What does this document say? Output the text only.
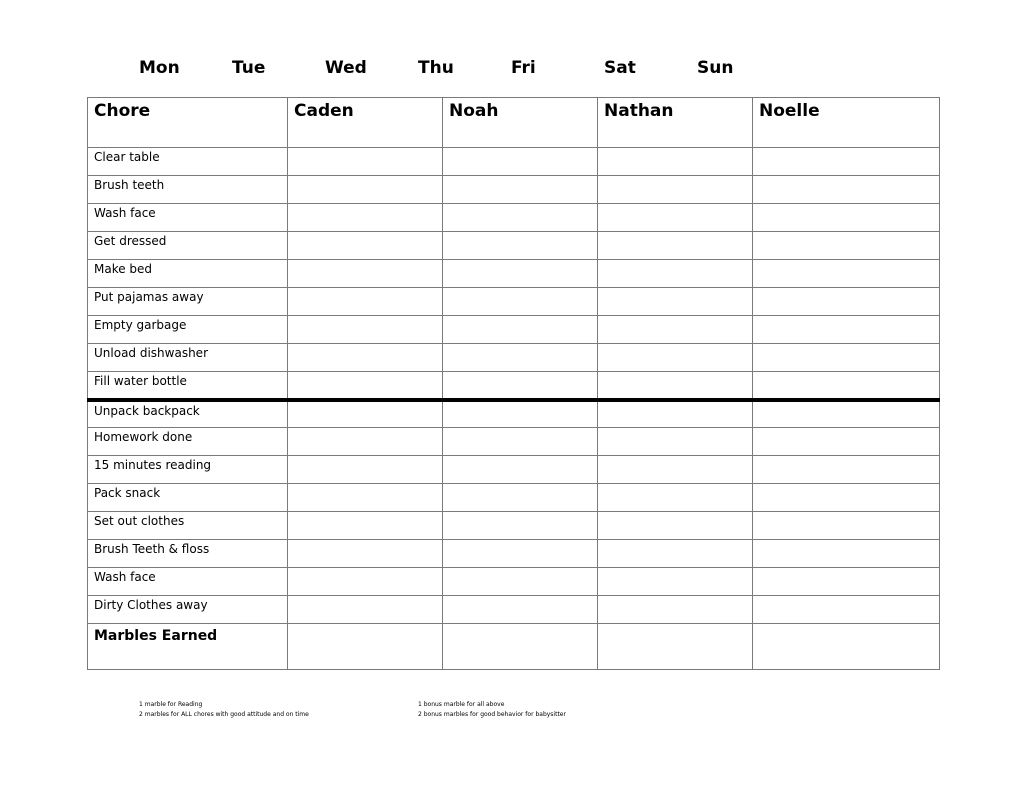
Mon	Tue	Wed	Thu	Fri	Sat	Sun
Chore	Caden	Noah	Nathan	Noelle
Clear table				
Brush teeth				
Wash face				
Get dressed				
Make bed				
Put pajamas away				
Empty garbage				
Unload dishwasher				
Fill water bottle				
Unpack backpack				
Homework done				
15 minutes reading				
Pack snack				
Set out clothes				
Brush Teeth & floss				
Wash face				
Dirty Clothes away				
Marbles Earned				
1 marble for Reading
2 marbles for ALL chores with good attitude and on time
1 bonus marble for all above
2 bonus marbles for good behavior for babysitter
